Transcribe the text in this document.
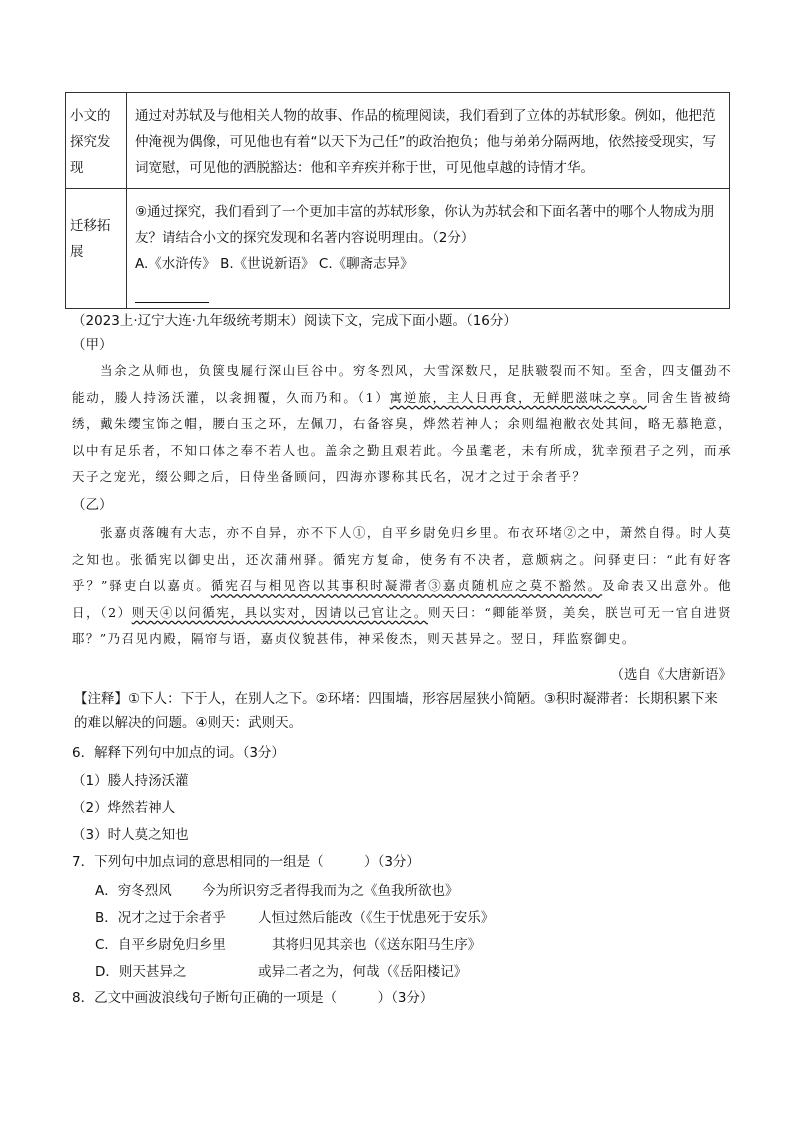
小文的探究发现	通过对苏轼及与他相关人物的故事、作品的梳理阅读，我们看到了立体的苏轼形象。例如，他把范仲淹视为偶像，可见他也有着“以天下为己任”的政治抱负；他与弟弟分隔两地，依然接受现实，写词宽慰，可见他的洒脱豁达：他和辛弃疾并称于世，可见他卓越的诗情才华。
迁移拓展	⑨通过探究，我们看到了一个更加丰富的苏轼形象，你认为苏轼会和下面名著中的哪个人物成为朋友？请结合小文的探究发现和名著内容说明理由。（2分）
A.《水浒传》 B.《世说新语》 C.《聊斋志异》
（2023上·辽宁大连·九年级统考期末）阅读下文，完成下面小题。（16分）
（甲）
当余之从师也，负箧曳屣行深山巨谷中。穷冬烈风，大雪深数尺，足肤皲裂而不知。至舍，四支僵劲不能动，媵人持汤沃灌，以衾拥覆，久而乃和。（1）寓逆旅，主人日再食，无鲜肥滋味之享。同舍生皆被绮绣，戴朱缨宝饰之帽，腰白玉之环，左佩刀，右备容臭，烨然若神人；余则缊袍敝衣处其间，略无慕艳意，以中有足乐者，不知口体之奉不若人也。盖余之勤且艰若此。今虽耄老，未有所成，犹幸预君子之列，而承天子之宠光，缀公卿之后，日侍坐备顾问，四海亦谬称其氏名，况才之过于余者乎？
（乙）
张嘉贞落魄有大志，亦不自异，亦不下人①，自平乡尉免归乡里。布衣环堵②之中，萧然自得。时人莫之知也。张循宪以御史出，还次蒲州驿。循宪方复命，使务有不决者，意颇病之。问驿吏曰：“此有好客乎？”驿吏白以嘉贞。循宪召与相见咨以其事积时凝滞者③嘉贞随机应之莫不豁然。及命表又出意外。他日，（2）则天④以问循宪，具以实对，因请以己官让之。则天曰：“卿能举贤，美矣，朕岂可无一官自进贤耶？”乃召见内殿，隔帘与语，嘉贞仪貌甚伟，神采俊杰，则天甚异之。翌日，拜监察御史。
（选自《大唐新语》
【注释】①下人：下于人，在别人之下。②环堵：四围墙，形容居屋狭小简陋。③积时凝滞者：长期积累下来的难以解决的问题。④则天：武则天。
6．解释下列句中加点的词。（3分）
（1）媵人持汤沃灌
（2）烨然若神人
（3）时人莫之知也
7．下列句中加点词的意思相同的一组是（　　　）（3分）
A．穷冬烈风 今为所识穷乏者得我而为之《鱼我所欲也》
B．况才之过于余者乎 人恒过然后能改（《生于忧患死于安乐》
C．自平乡尉免归乡里	其将归见其亲也（《送东阳马生序》
D．则天甚异之	或异二者之为，何哉（《岳阳楼记》
8．乙文中画波浪线句子断句正确的一项是（　　　）（3分）
